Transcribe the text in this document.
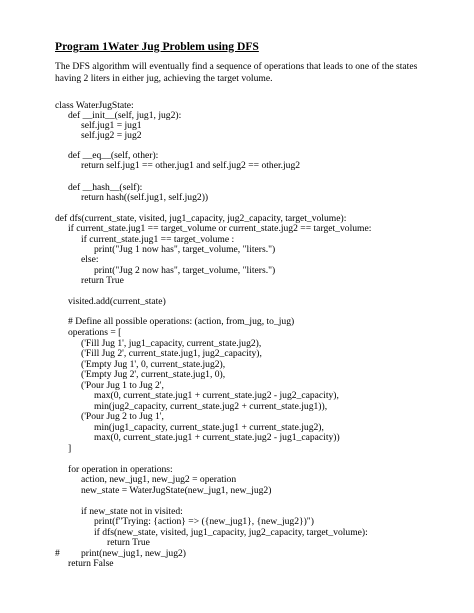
Program 1Water Jug Problem using DFS

The DFS algorithm will eventually find a sequence of operations that leads to one of the states having 2 liters in either jug, achieving the target volume.

class WaterJugState:

def __init__(self, jug1, jug2):

self.jug1 = jug1

self.jug2 = jug2

def __eq__(self, other):

return self.jug1 == other.jug1 and self.jug2 == other.jug2

def __hash__(self):

return hash((self.jug1, self.jug2))

def dfs(current_state, visited, jug1_capacity, jug2_capacity, target_volume):

if current_state.jug1 == target_volume or current_state.jug2 == target_volume:

if current_state.jug1 == target_volume :

print("Jug 1 now has", target_volume, "liters.")

else:

print("Jug 2 now has", target_volume, "liters.")

return True

visited.add(current_state)

# Define all possible operations: (action, from_jug, to_jug)

operations = [

('Fill Jug 1', jug1_capacity, current_state.jug2),

('Fill Jug 2', current_state.jug1, jug2_capacity),

('Empty Jug 1', 0, current_state.jug2),

('Empty Jug 2', current_state.jug1, 0),

('Pour Jug 1 to Jug 2',

max(0, current_state.jug1 + current_state.jug2 - jug2_capacity),

min(jug2_capacity, current_state.jug2 + current_state.jug1)),

('Pour Jug 2 to Jug 1',

min(jug1_capacity, current_state.jug1 + current_state.jug2),

max(0, current_state.jug1 + current_state.jug2 - jug1_capacity))

]

for operation in operations:

action, new_jug1, new_jug2 = operation

new_state = WaterJugState(new_jug1, new_jug2)

if new_state not in visited:

print(f"Trying: {action} => ({new_jug1}, {new_jug2})")

if dfs(new_state, visited, jug1_capacity, jug2_capacity, target_volume):

return True

# print(new_jug1, new_jug2)

return False
